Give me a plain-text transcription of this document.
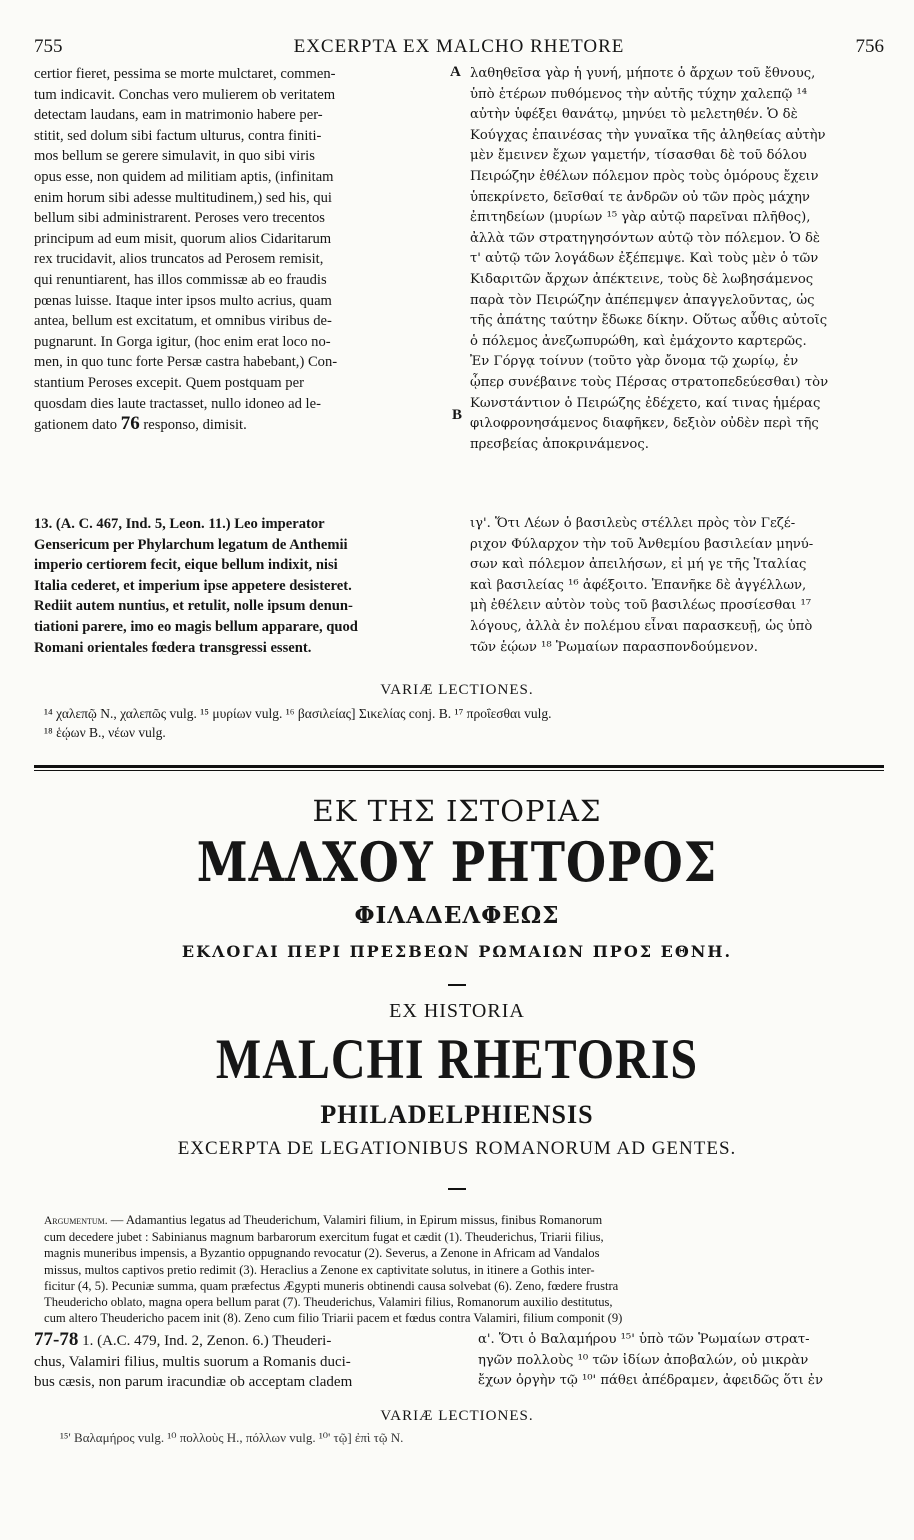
755	EXCERPTA EX MALCHO RHETORE	756
A
B
certior fieret, pessima se morte mulctaret, commen-
tum indicavit. Conchas vero mulierem ob veritatem
detectam laudans, eam in matrimonio habere per-
stitit, sed dolum sibi factum ulturus, contra finiti-
mos bellum se gerere simulavit, in quo sibi viris
opus esse, non quidem ad militiam aptis, (infinitam
enim horum sibi adesse multitudinem,) sed his, qui
bellum sibi administrarent. Peroses vero trecentos
principum ad eum misit, quorum alios Cidaritarum
rex trucidavit, alios truncatos ad Perosem remisit,
qui renuntiarent, has illos commissæ ab eo fraudis
pœnas luisse. Itaque inter ipsos multo acrius, quam
antea, bellum est excitatum, et omnibus viribus de-
pugnarunt. In Gorga igitur, (hoc enim erat loco no-
men, in quo tunc forte Persæ castra habebant,) Con-
stantium Peroses excepit. Quem postquam per
quosdam dies laute tractasset, nullo idoneo ad le-
gationem dato 76 responso, dimisit.
λαθηθεῖσα γὰρ ἡ γυνή, μήποτε ὁ ἄρχων τοῦ ἔθνους,
ὑπὸ ἑτέρων πυθόμενος τὴν αὐτῆς τύχην χαλεπῷ ¹⁴
αὐτὴν ὑφέξει θανάτῳ, μηνύει τὸ μελετηθέν. Ὁ δὲ
Κούγχας ἐπαινέσας τὴν γυναῖκα τῆς ἀληθείας αὐτὴν
μὲν ἔμεινεν ἔχων γαμετήν, τίσασθαι δὲ τοῦ δόλου
Πειρώζην ἐθέλων πόλεμον πρὸς τοὺς ὁμόρους ἔχειν
ὑπεκρίνετο, δεῖσθαί τε ἀνδρῶν οὐ τῶν πρὸς μάχην
ἐπιτηδείων (μυρίων ¹⁵ γὰρ αὐτῷ παρεῖναι πλῆθος),
ἀλλὰ τῶν στρατηγησόντων αὐτῷ τὸν πόλεμον. Ὁ δὲ
τ' αὐτῷ τῶν λογάδων ἐξέπεμψε. Καὶ τοὺς μὲν ὁ τῶν
Κιδαριτῶν ἄρχων ἀπέκτεινε, τοὺς δὲ λωβησάμενος
παρὰ τὸν Πειρώζην ἀπέπεμψεν ἀπαγγελοῦντας, ὡς
τῆς ἀπάτης ταύτην ἔδωκε δίκην. Οὕτως αὖθις αὐτοῖς
ὁ πόλεμος ἀνεζωπυρώθη, καὶ ἐμάχοντο καρτερῶς.
Ἐν Γόργᾳ τοίνυν (τοῦτο γὰρ ὄνομα τῷ χωρίῳ, ἐν
ᾧπερ συνέβαινε τοὺς Πέρσας στρατοπεδεύεσθαι) τὸν
Κωνστάντιον ὁ Πειρώζης ἐδέχετο, καί τινας ἡμέρας
φιλοφρονησάμενος διαφῆκεν, δεξιὸν οὐδὲν περὶ τῆς
πρεσβείας ἀποκρινάμενος.
13. (A. C. 467, Ind. 5, Leon. 11.) Leo imperator
Gensericum per Phylarchum legatum de Anthemii
imperio certiorem fecit, eique bellum indixit, nisi
Italia cederet, et imperium ipse appetere desisteret.
Rediit autem nuntius, et retulit, nolle ipsum denun-
tiationi parere, imo eo magis bellum apparare, quod
Romani orientales fœdera transgressi essent.
ιγ'. Ὅτι Λέων ὁ βασιλεὺς στέλλει πρὸς τὸν Γεζέ-
ριχον Φύλαρχον τὴν τοῦ Ἀνθεμίου βασιλείαν μηνύ-
σων καὶ πόλεμον ἀπειλήσων, εἰ μή γε τῆς Ἰταλίας
καὶ βασιλείας ¹⁶ ἀφέξοιτο. Ἐπανῆκε δὲ ἀγγέλλων,
μὴ ἐθέλειν αὐτὸν τοὺς τοῦ βασιλέως προσίεσθαι ¹⁷
λόγους, ἀλλὰ ἐν πολέμου εἶναι παρασκευῇ, ὡς ὑπὸ
τῶν ἑῴων ¹⁸ Ῥωμαίων παρασπονδούμενον.
VARIÆ LECTIONES.
¹⁴ χαλεπῷ N., χαλεπῶς vulg. ¹⁵ μυρίων vulg. ¹⁶ βασιλείας] Σικελίας conj. B. ¹⁷ προΐεσθαι vulg.
¹⁸ ἑῴων B., νέων vulg.
ΕΚ ΤΗΣ ΙΣΤΟΡΙΑΣ
ΜΑΛΧΟΥ ΡΗΤΟΡΟΣ
ΦΙΛΑΔΕΛΦΕΩΣ
ΕΚΛΟΓΑΙ ΠΕΡΙ ΠΡΕΣΒΕΩΝ ΡΩΜΑΙΩΝ ΠΡΟΣ ΕΘΝΗ.
EX HISTORIA
MALCHI RHETORIS
PHILADELPHIENSIS
EXCERPTA DE LEGATIONIBUS ROMANORUM AD GENTES.
Argumentum. — Adamantius legatus ad Theuderichum, Valamiri filium, in Epirum missus, finibus Romanorum
cum decedere jubet : Sabinianus magnum barbarorum exercitum fugat et cædit (1). Theuderichus, Triarii filius,
magnis muneribus impensis, a Byzantio oppugnando revocatur (2). Severus, a Zenone in Africam ad Vandalos
missus, multos captivos pretio redimit (3). Heraclius a Zenone ex captivitate solutus, in itinere a Gothis inter-
ficitur (4, 5). Pecuniæ summa, quam præfectus Ægypti muneris obtinendi causa solvebat (6). Zeno, fœdere frustra
Theudericho oblato, magna opera bellum parat (7). Theuderichus, Valamiri filius, Romanorum auxilio destitutus,
cum altero Theudericho pacem init (8). Zeno cum filio Triarii pacem et fœdus contra Valamiri, filium componit (9)
77-78 1. (A.C. 479, Ind. 2, Zenon. 6.) Theuderi-
chus, Valamiri filius, multis suorum a Romanis duci-
bus cæsis, non parum iracundiæ ob acceptam cladem
α'. Ὅτι ὁ Βαλαμήρου ¹⁵' ὑπὸ τῶν Ῥωμαίων στρατ-
ηγῶν πολλοὺς ¹⁰ τῶν ἰδίων ἀποβαλών, οὐ μικρὰν
ἔχων ὀργὴν τῷ ¹⁰' πάθει ἀπέδραμεν, ἀφειδῶς ὅτι ἐν
VARIÆ LECTIONES.
¹⁵' Βαλαμήρος vulg. ¹⁰ πολλοὺς H., πόλλων vulg. ¹⁰' τῷ] ἐπὶ τῷ N.
